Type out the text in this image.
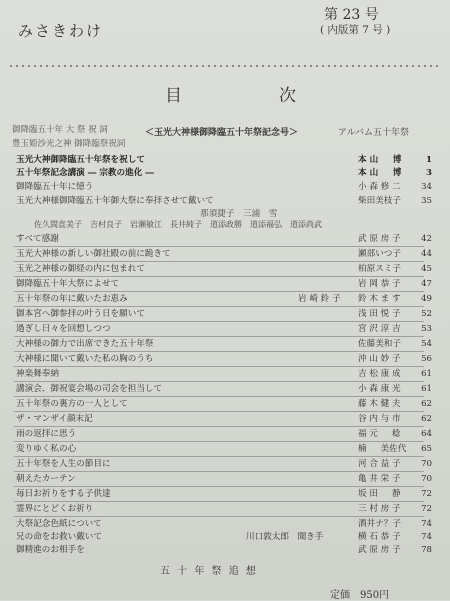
みさきわけ
第 23 号
( 内版第 7 号 )
目　次
御降臨五十年 大 祭 祝 詞
豊玉姫沙光之神 御降臨祭祝詞
＜玉光大神様御降臨五十年祭記念号＞	アルバム五十年祭
玉光大神御降臨五十年祭を祝して	本 山 　 博	1
五十年祭記念講演 ― 宗教の進化 ―	本 山 　 博	3
御降臨五十年に憶う	小 森 修 二	34
玉光大神様御降臨五十年御大祭に奉拝させて戴いて	柴田美枝子	35
那須捷子　三浦　雪
佐久間直美子　吉村良子　岩瀬敏江　長井純子　道添政勝　道添福弘　道添尚武
すべて感謝	武 原 房 子	42
玉光大神様の新しい御社殿の前に跪きて	瀬部いつ子	44
玉光之神様の御経の内に包まれて	柏原スミ子	45
御降臨五十年大祭によせて	岩 岡 恭 子	47
五十年祭の年に戴いたお恵み	岩 崎 鈴 子 鈴 木 ま す	49
御本宮へ御参拝の叶う日を願いて	浅 田 悦 子	52
過ぎし日々を回想しつつ	宮 沢 淳 吉	53
大神様の御力で出席できた五十年祭	佐藤美和子	54
大神様に聞いて戴いた私の胸のうち	沖 山 妙 子	56
神楽舞奉納	吉 松 康 成	61
講演会、御祝宴会場の司会を担当して	小 森 康 光	61
五十年祭の裏方の一人として	藤 木 健 夫	62
ザ・マンザイ顔末記	谷 内 与 市	62
雨の返拝に思う	福 元 　 稔	64
変りゆく私の心	楠 　 美佐代	65
五十年祭を人生の節目に	河 合 益 子	70
朝えたカーテン	亀 井 栄 子	70
毎日お祈りをする子供達	坂 田 　 静	72
霊界にとどくお祈り	三 村 房 子	72
大祭記念色紙について	酒井ナ？子	74
兄の命をお救い戴いて	川口敦太郎　聞き手	横 石 恭 子	74
御精進のお相手を	武 原 房 子	78
五 十 年 祭 追 想
定価　950円
